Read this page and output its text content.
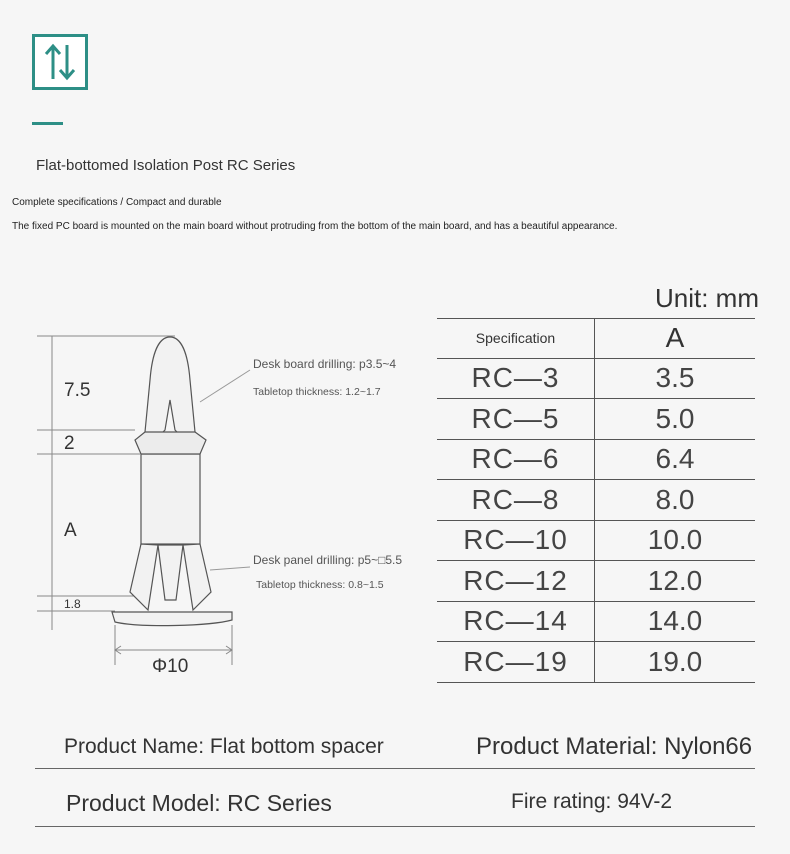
Flat-bottomed Isolation Post RC Series
Complete specifications / Compact and durable
The fixed PC board is mounted on the main board without protruding from the bottom of the main board, and has a beautiful appearance.
7.5
2
A
1.8
Φ10
Desk board drilling: p3.5~4
Tabletop thickness: 1.2~1.7
Desk panel drilling: p5~□5.5
Tabletop thickness: 0.8~1.5
Unit: mm
Specification	A
RC—3	3.5
RC—5	5.0
RC—6	6.4
RC—8	8.0
RC—10	10.0
RC—12	12.0
RC—14	14.0
RC—19	19.0
Product Name: Flat bottom spacer	Product Material: Nylon66
Product Model: RC Series	Fire rating: 94V-2
